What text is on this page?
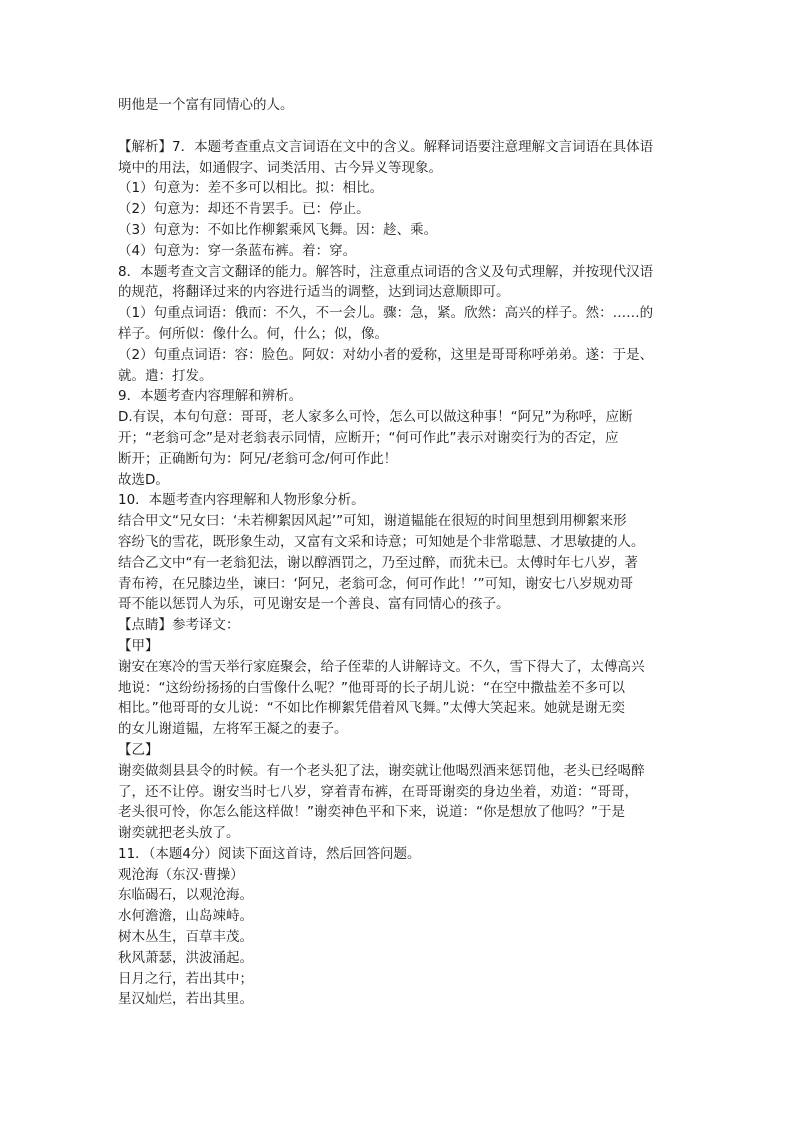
明他是一个富有同情心的人。
【解析】7．本题考查重点文言词语在文中的含义。解释词语要注意理解文言词语在具体语
境中的用法，如通假字、词类活用、古今异义等现象。
（1）句意为：差不多可以相比。拟：相比。
（2）句意为：却还不肯罢手。已：停止。
（3）句意为：不如比作柳絮乘风飞舞。因：趁、乘。
（4）句意为：穿一条蓝布裤。着：穿。
8．本题考查文言文翻译的能力。解答时，注意重点词语的含义及句式理解，并按现代汉语
的规范，将翻译过来的内容进行适当的调整，达到词达意顺即可。
（1）句重点词语：俄而：不久，不一会儿。骤：急，紧。欣然：高兴的样子。然：……的
样子。何所似：像什么。何，什么；似，像。
（2）句重点词语：容：脸色。阿奴：对幼小者的爱称，这里是哥哥称呼弟弟。遂：于是、
就。遣：打发。
9．本题考查内容理解和辨析。
D.有误，本句句意：哥哥，老人家多么可怜，怎么可以做这种事！“阿兄”为称呼，应断
开；“老翁可念”是对老翁表示同情，应断开；“何可作此”表示对谢奕行为的否定，应
断开；正确断句为：阿兄/老翁可念/何可作此！
故选D。
10．本题考查内容理解和人物形象分析。
结合甲文“兄女曰：‘未若柳絮因风起’”可知，谢道韫能在很短的时间里想到用柳絮来形
容纷飞的雪花，既形象生动，又富有文采和诗意；可知她是个非常聪慧、才思敏捷的人。
结合乙文中“有一老翁犯法，谢以醇酒罚之，乃至过醉，而犹未已。太傅时年七八岁，著
青布袴，在兄膝边坐，谏曰：‘阿兄，老翁可念，何可作此！’”可知，谢安七八岁规劝哥
哥不能以惩罚人为乐，可见谢安是一个善良、富有同情心的孩子。
【点睛】参考译文：
【甲】
谢安在寒冷的雪天举行家庭聚会，给子侄辈的人讲解诗文。不久，雪下得大了，太傅高兴
地说：“这纷纷扬扬的白雪像什么呢？”他哥哥的长子胡儿说：“在空中撒盐差不多可以
相比。”他哥哥的女儿说：“不如比作柳絮凭借着风飞舞。”太傅大笑起来。她就是谢无奕
的女儿谢道韫，左将军王凝之的妻子。
【乙】
谢奕做剡县县令的时候。有一个老头犯了法，谢奕就让他喝烈酒来惩罚他，老头已经喝醉
了，还不让停。谢安当时七八岁，穿着青布裤，在哥哥谢奕的身边坐着，劝道：“哥哥，
老头很可怜，你怎么能这样做！”谢奕神色平和下来，说道：“你是想放了他吗？”于是
谢奕就把老头放了。
11．（本题4分）阅读下面这首诗，然后回答问题。
观沧海（东汉·曹操）
东临碣石，以观沧海。
水何澹澹，山岛竦峙。
树木丛生，百草丰茂。
秋风萧瑟，洪波涌起。
日月之行，若出其中；
星汉灿烂，若出其里。
